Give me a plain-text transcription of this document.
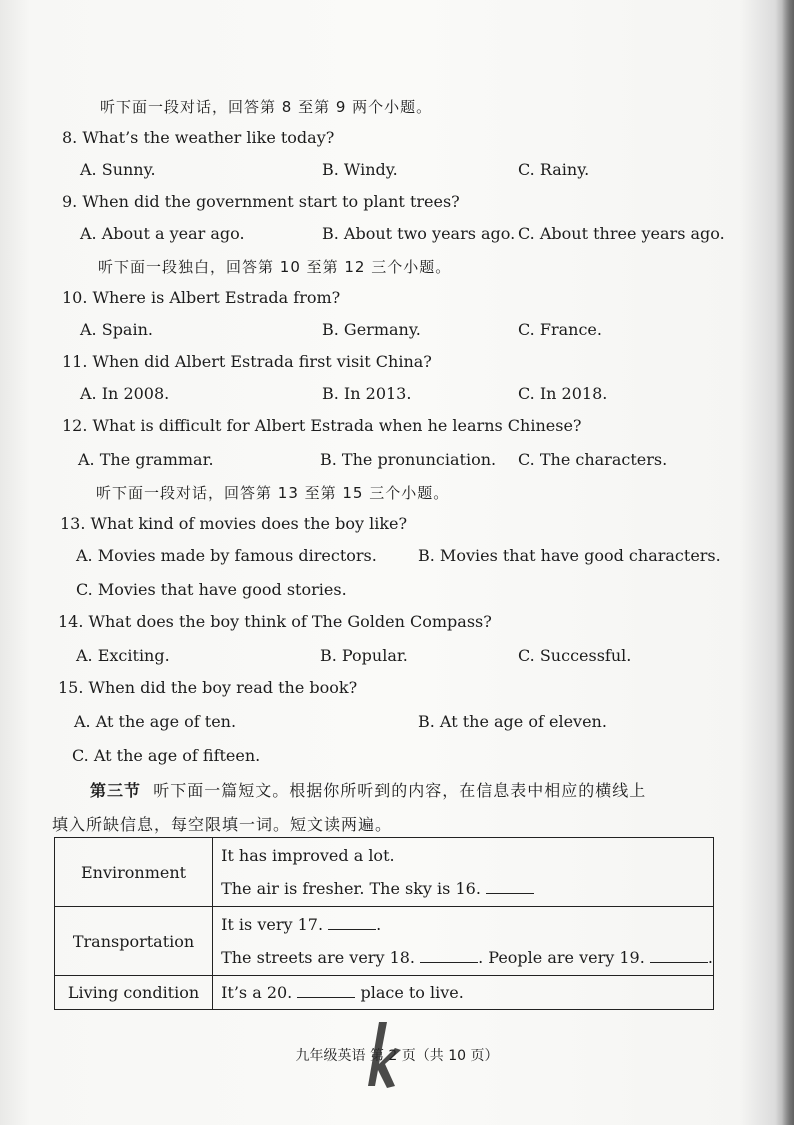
听下面一段对话，回答第 8 至第 9 两个小题。
8. What’s the weather like today?
A. Sunny.	B. Windy.	C. Rainy.
9. When did the government start to plant trees?
A. About a year ago.	B. About two years ago. C. About three years ago.
听下面一段独白，回答第 10 至第 12 三个小题。
10. Where is Albert Estrada from?
A. Spain.	B. Germany.	C. France.
11. When did Albert Estrada first visit China?
A. In 2008.	B. In 2013.	C. In 2018.
12. What is difficult for Albert Estrada when he learns Chinese?
A. The grammar.	B. The pronunciation. C. The characters.
听下面一段对话，回答第 13 至第 15 三个小题。
13. What kind of movies does the boy like?
A. Movies made by famous directors.	B. Movies that have good characters.
C. Movies that have good stories.
14. What does the boy think of The Golden Compass?
A. Exciting.	B. Popular.	C. Successful.
15. When did the boy read the book?
A. At the age of ten.	B. At the age of eleven.
C. At the age of fifteen.
第三节 听下面一篇短文。根据你所听到的内容，在信息表中相应的横线上
填入所缺信息，每空限填一词。短文读两遍。
Environment	It has improved a lot.
The air is fresher. The sky is 16.

Transportation	It is very 17. .
The streets are very 18. . People are very 19. .

Living condition	It’s a 20. place to live.
九年级英语 第 2 页（共 10 页）
